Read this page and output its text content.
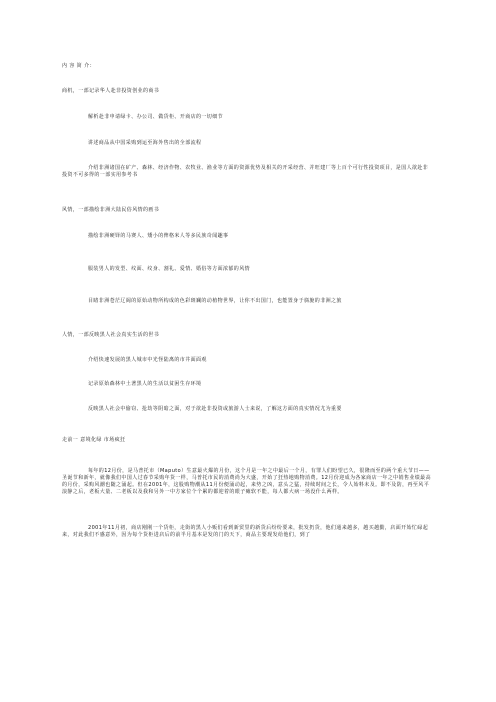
内 容 简 介：
商机，一部记录华人赴非投资创业的商书
解析赴非申请绿卡、办公司、做货柜、开商店的一切细节
讲述商品从中国采购到运至海外售出的全部流程
介绍非洲诸国在矿产、森林、经济作物、农牧业、渔业等方面的资源优势及相关的开采经营、并旺建厂等上百个可行性投资项目，是国人欲赴非投资不可多得的一部实用参考书
风情，一部描绘非洲大陆民俗风情的画书
描绘非洲硬铎的马赛人、矮小的俾格米人等多民族奇闻趣事
服装男人的发型、纹面、纹身、割礼、爱情、婚俗等方面浓郁的风情
目睹非洲苍茫辽阔的原始动物所构成的色彩斑斓的动植物世界，让你不出国门，也能置身于旖旎的非洲之旅
人情，一部反映黑人社会真实生活的世书
介绍快速发展的黑人城市中光怪陆离的市井面面观
记录原始森林中土著黑人的生活以贫困生存环境
反映黑人社会中偷窃、抢劫等阴暗之面，对于欲赴非投资或旅游人士来说，了解这方面的真实情况尤为重要
走前一 意境化绿 市场疯狂
每年的12月份，是马普托市（Maputo）生意最火爆的月份，这个月是一年之中最后一个月，有罪人们盼望已久，很隆而至的两个重大节日——圣诞节和新年，就像我们中国人过春节采购年货一样，马普托市民的消费尚为大盛，开始了狂热地购物消费。12月份迎成为各家商店一年之中销售业绩最高的月份，采购风潮也随之涌起。但在2001年，这股购物潮从11月份便涌动起，来势之凶，意头之猛，持续时间之长，令人始料未及。即不及防，再至风平浪静之后，老板大量、二老板以及我和另外一中方家位个个累的都迎着的眼子瘫软不能，每人都大病一场没什么两样。
2001年11月初，商店刚刚一个货柜，走街的黑人小贩们看到新贸里的新货后纷纷要来，批发扔货，他们通来越多，越买越勤，店面开始忙碌起来，对此我们不感意外，因为每个货柜进店后的前半月基本是发的门的天下，商品主要现发给他们，到了
